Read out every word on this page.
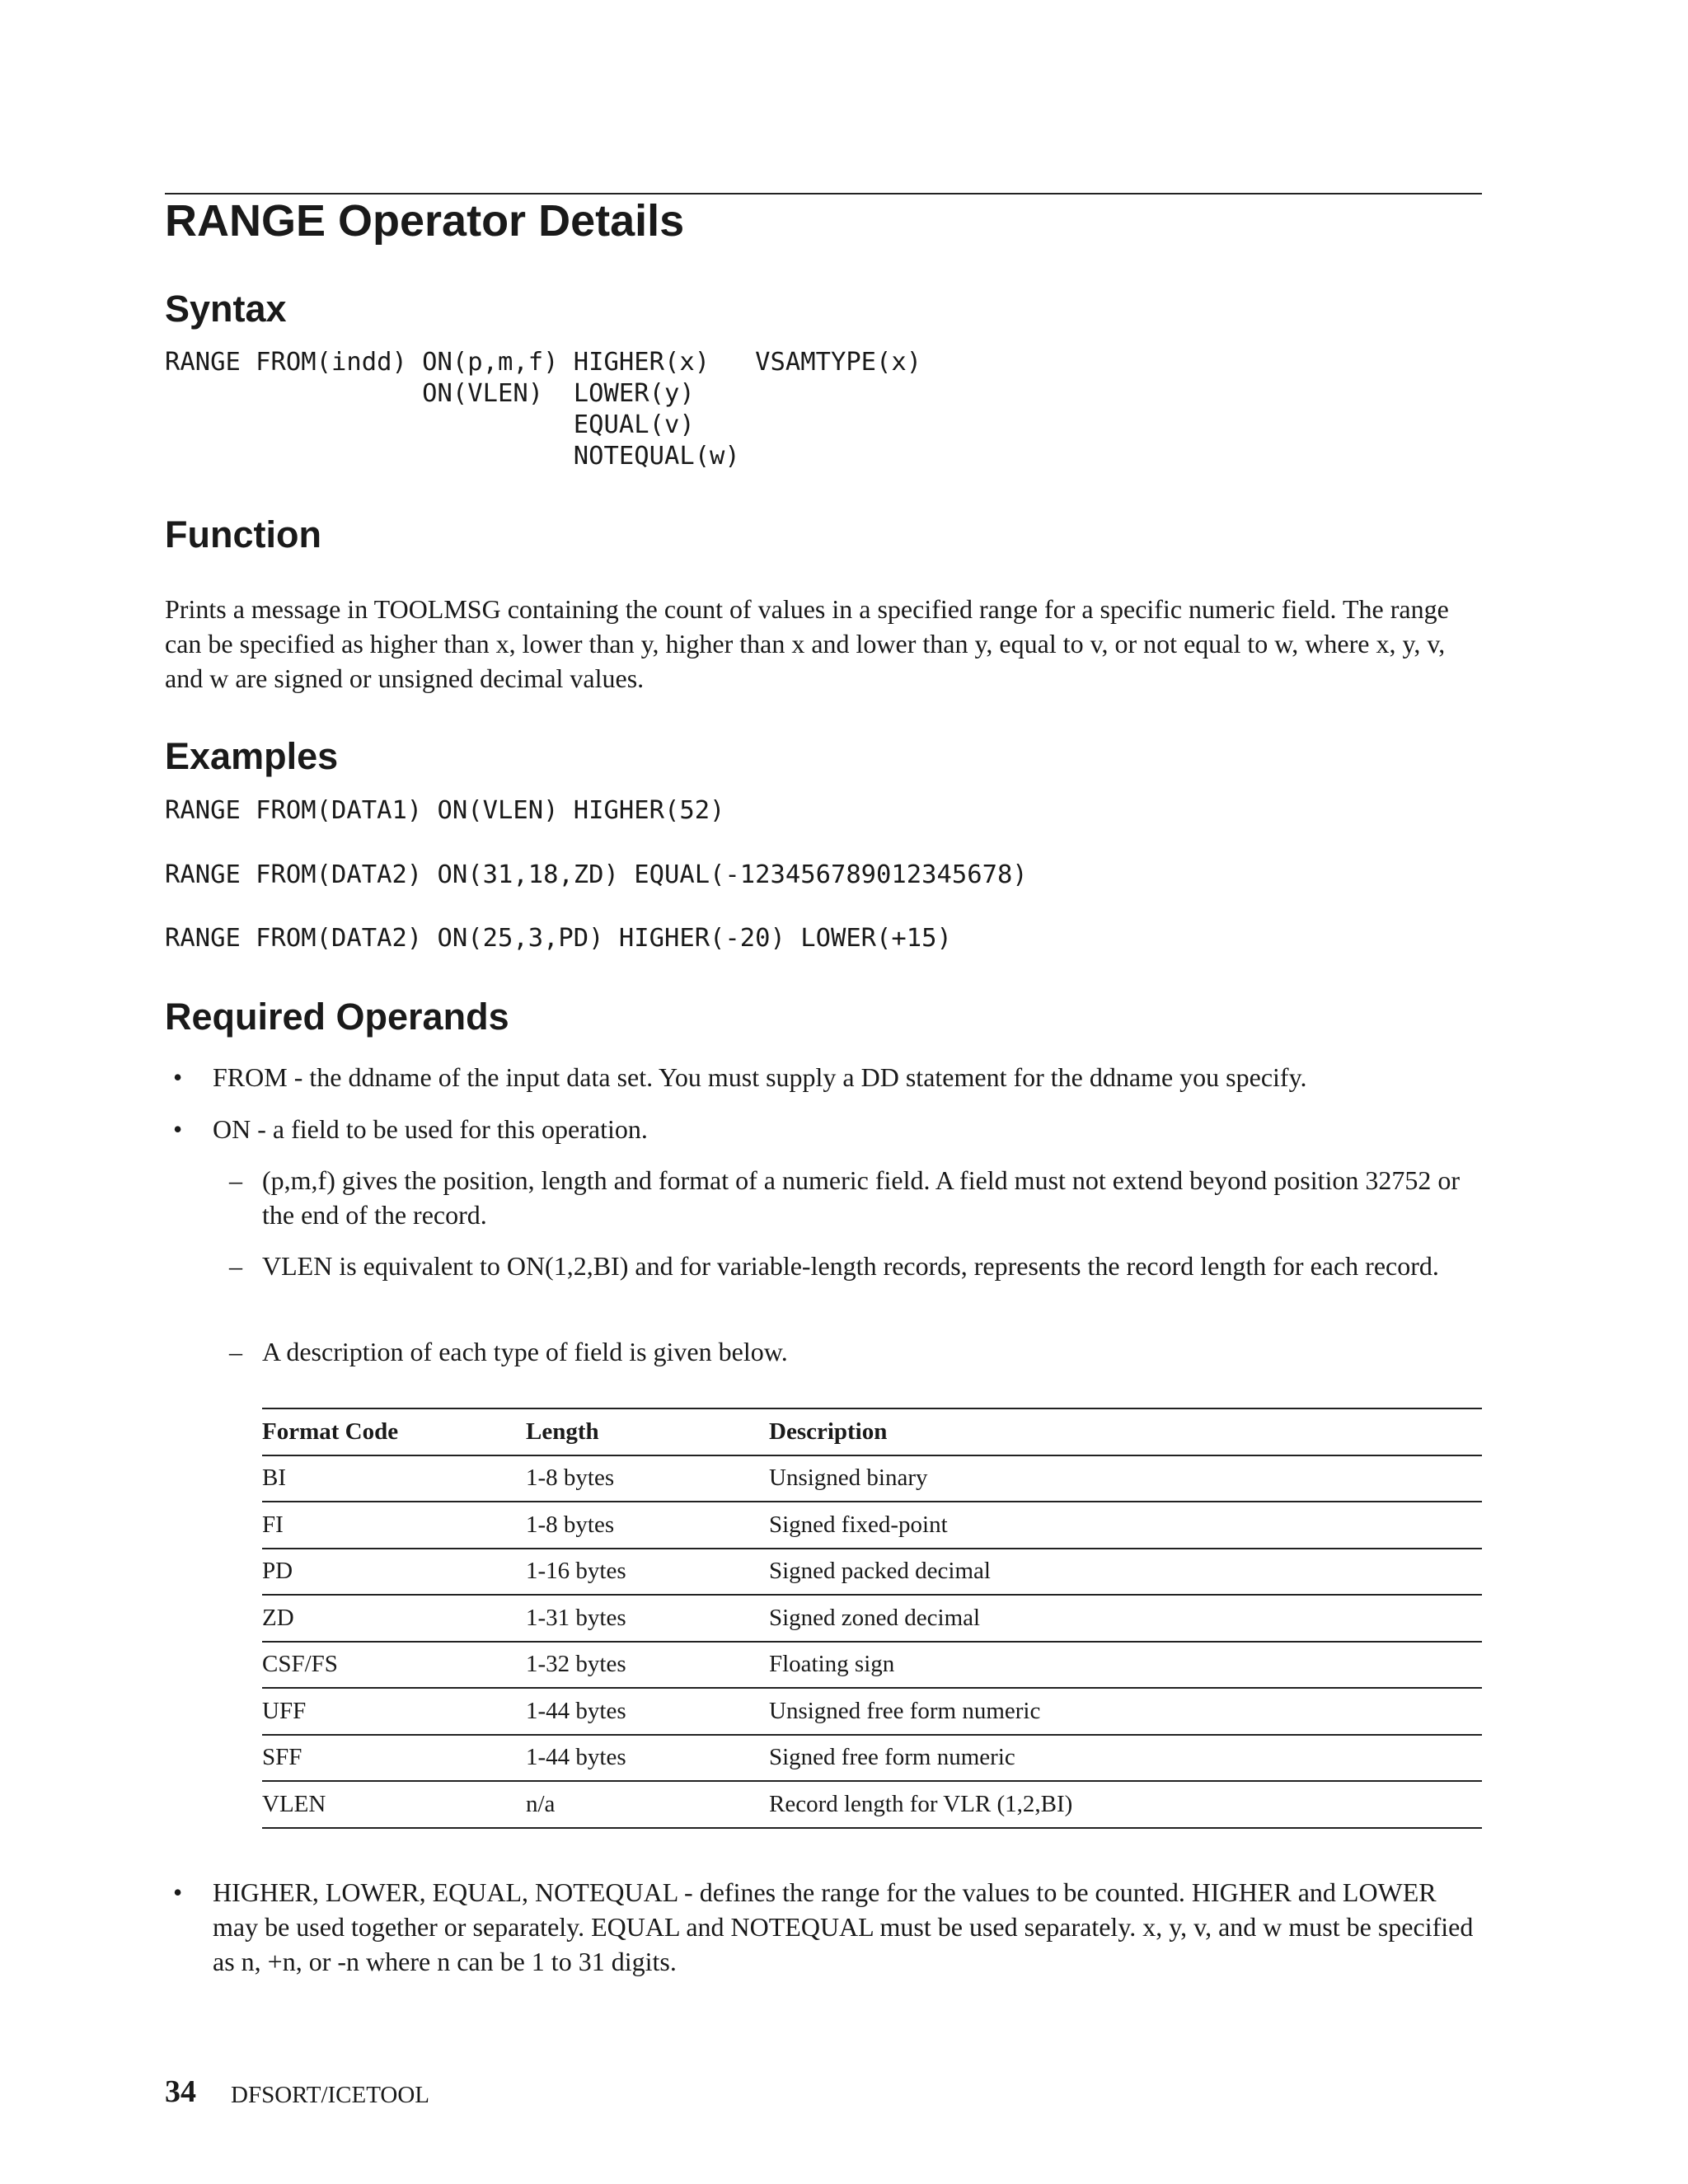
RANGE Operator Details
Syntax
RANGE FROM(indd) ON(p,m,f) HIGHER(x)   VSAMTYPE(x)
ON(VLEN)  LOWER(y)
EQUAL(v)
NOTEQUAL(w)
Function

Prints a message in TOOLMSG containing the count of values in a specified range for a specific numeric field. The range can be specified as higher than x, lower than y, higher than x and lower than y, equal to v, or not equal to w, where x, y, v, and w are signed or unsigned decimal values.

Examples
RANGE FROM(DATA1) ON(VLEN) HIGHER(52)
RANGE FROM(DATA2) ON(31,18,ZD) EQUAL(-123456789012345678)
RANGE FROM(DATA2) ON(25,3,PD) HIGHER(-20) LOWER(+15)
Required Operands
• FROM - the ddname of the input data set. You must supply a DD statement for the ddname you specify.

• ON - a field to be used for this operation.

– (p,m,f) gives the position, length and format of a numeric field. A field must not extend beyond position 32752 or the end of the record.

– VLEN is equivalent to ON(1,2,BI) and for variable-length records, represents the record length for each record.

– A description of each type of field is given below.

Format Code	Length	Description
BI	1-8 bytes	Unsigned binary
FI	1-8 bytes	Signed fixed-point
PD	1-16 bytes	Signed packed decimal
ZD	1-31 bytes	Signed zoned decimal
CSF/FS	1-32 bytes	Floating sign
UFF	1-44 bytes	Unsigned free form numeric
SFF	1-44 bytes	Signed free form numeric
VLEN	n/a	Record length for VLR (1,2,BI)
• HIGHER, LOWER, EQUAL, NOTEQUAL - defines the range for the values to be counted. HIGHER and LOWER may be used together or separately. EQUAL and NOTEQUAL must be used separately. x, y, v, and w must be specified as n, +n, or -n where n can be 1 to 31 digits.

34 DFSORT/ICETOOL
